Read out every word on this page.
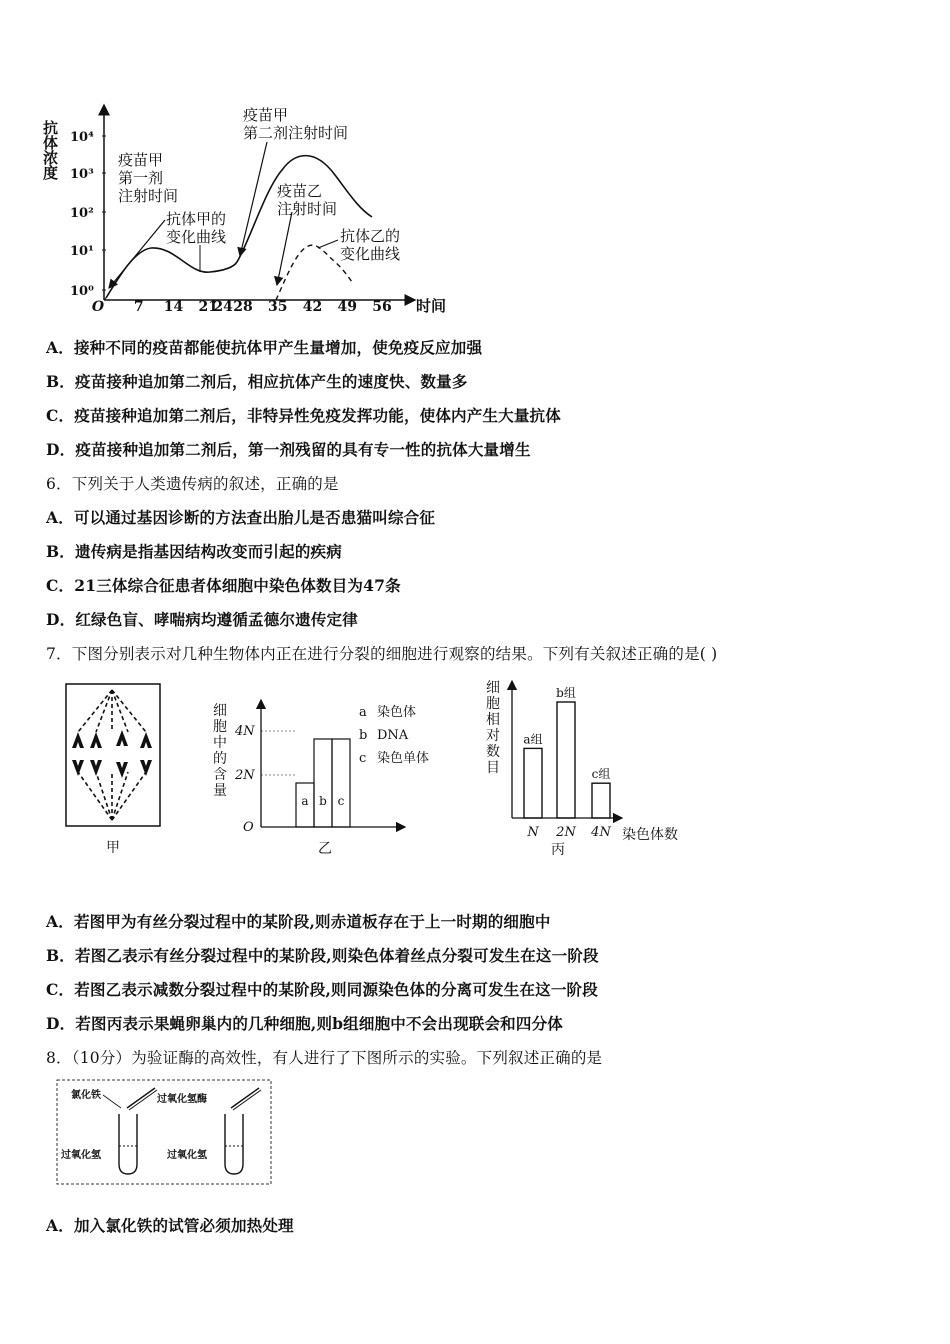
抗体浓度 10⁴
10³
10²
10¹
10⁰
O 7 14 21
24 28 35 42 49 56 时间
疫苗甲
第一剂
注射时间
疫苗甲
第二剂注射时间
疫苗乙
注射时间
抗体甲的
变化曲线	抗体乙的
变化曲线
A．接种不同的疫苗都能使抗体甲产生量增加，使免疫反应加强
B．疫苗接种追加第二剂后，相应抗体产生的速度快、数量多
C．疫苗接种追加第二剂后，非特异性免疫发挥功能，使体内产生大量抗体
D．疫苗接种追加第二剂后，第一剂残留的具有专一性的抗体大量增生
6．下列关于人类遗传病的叙述，正确的是
A．可以通过基因诊断的方法查出胎儿是否患猫叫综合征
B．遗传病是指基因结构改变而引起的疾病
C．21三体综合征患者体细胞中染色体数目为47条
D．红绿色盲、哮喘病均遵循孟德尔遗传定律
7．下图分别表示对几种生物体内正在进行分裂的细胞进行观察的结果。下列有关叙述正确的是( )
甲
细
胞
中
的
含
量
4N
2N
O
a b c
a 染色体
b DNA
c 染色单体
乙
细
胞
相
对
数
目
a组
N
b组
2N
c组
4N 染色体数
丙
A．若图甲为有丝分裂过程中的某阶段,则赤道板存在于上一时期的细胞中
B．若图乙表示有丝分裂过程中的某阶段,则染色体着丝点分裂可发生在这一阶段
C．若图乙表示减数分裂过程中的某阶段,则同源染色体的分离可发生在这一阶段
D．若图丙表示果蝇卵巢内的几种细胞,则b组细胞中不会出现联会和四分体
8．（10分）为验证酶的高效性，有人进行了下图所示的实验。下列叙述正确的是
氯化铁
过氧化氢
过氧化氢酶
过氧化氢
A．加入氯化铁的试管必须加热处理
